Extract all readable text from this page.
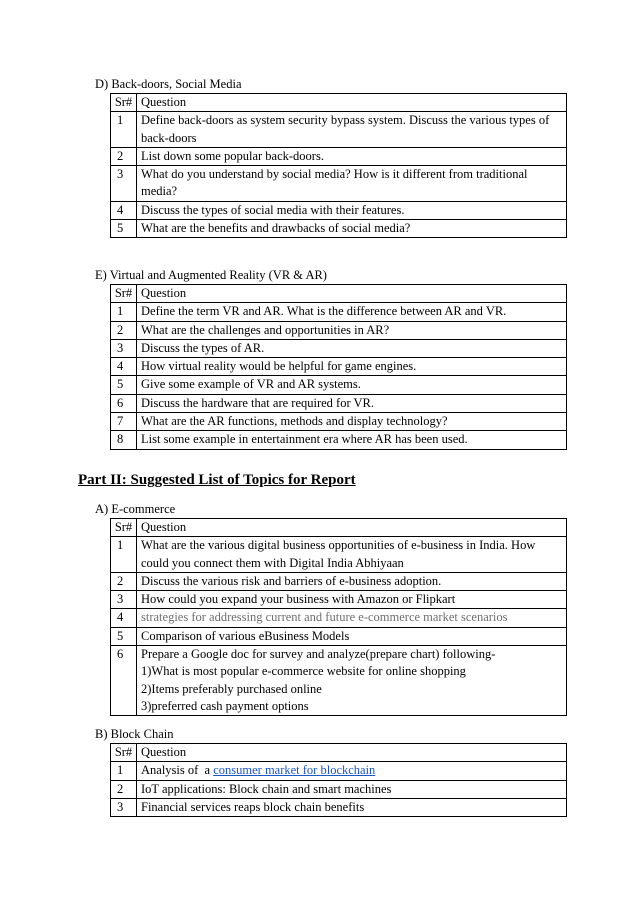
D) Back-doors, Social Media
Sr#	Question
1	Define back-doors as system security bypass system. Discuss the various types of back-doors
2	List down some popular back-doors.
3	What do you understand by social media? How is it different from traditional media?
4	Discuss the types of social media with their features.
5	What are the benefits and drawbacks of social media?
E) Virtual and Augmented Reality (VR & AR)
Sr#	Question
1	Define the term VR and AR. What is the difference between AR and VR.
2	What are the challenges and opportunities in AR?
3	Discuss the types of AR.
4	How virtual reality would be helpful for game engines.
5	Give some example of VR and AR systems.
6	Discuss the hardware that are required for VR.
7	What are the AR functions, methods and display technology?
8	List some example in entertainment era where AR has been used.
Part II: Suggested List of Topics for Report
A) E-commerce
Sr#	Question
1	What are the various digital business opportunities of e-business in India. How could you connect them with Digital India Abhiyaan
2	Discuss the various risk and barriers of e-business adoption.
3	How could you expand your business with Amazon or Flipkart
4	strategies for addressing current and future e-commerce market scenarios
5	Comparison of various eBusiness Models
6	Prepare a Google doc for survey and analyze(prepare chart) following-
1)What is most popular e-commerce website for online shopping
2)Items preferably purchased online
3)preferred cash payment options
B) Block Chain
Sr#	Question
1	Analysis of  a consumer market for blockchain
2	IoT applications: Block chain and smart machines
3	Financial services reaps block chain benefits
